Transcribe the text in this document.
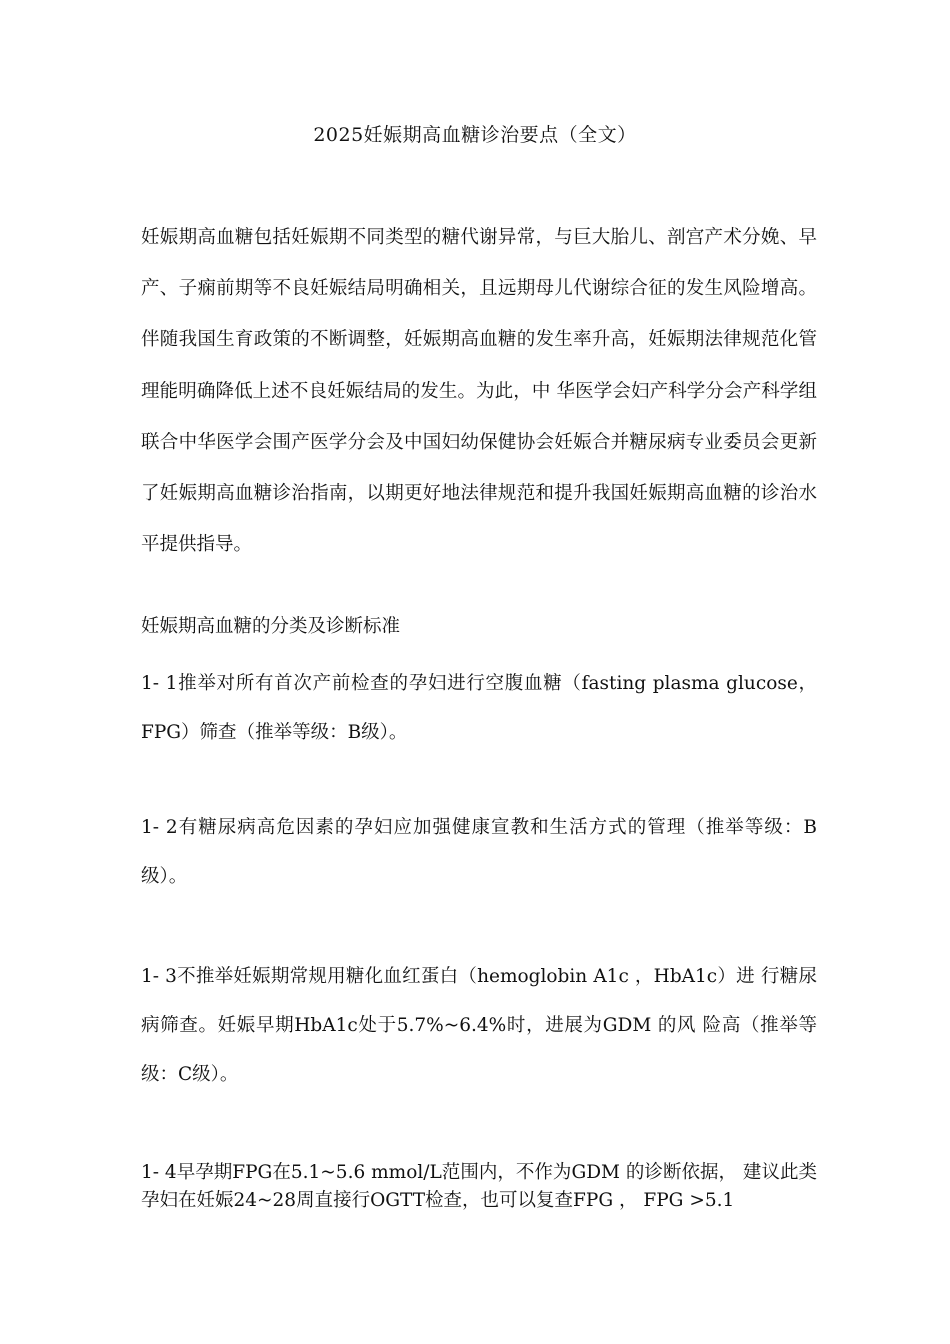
2025妊娠期高血糖诊治要点（全文）

妊娠期高血糖包括妊娠期不同类型的糖代谢异常，与巨大胎儿、剖宫产术分娩、早产、子痫前期等不良妊娠结局明确相关，且远期母儿代谢综合征的发生风险增高。伴随我国生育政策的不断调整，妊娠期高血糖的发生率升高，妊娠期法律规范化管理能明确降低上述不良妊娠结局的发生。为此，中 华医学会妇产科学分会产科学组联合中华医学会围产医学分会及中国妇幼保健协会妊娠合并糖尿病专业委员会更新了妊娠期高血糖诊治指南，以期更好地法律规范和提升我国妊娠期高血糖的诊治水平提供指导。

妊娠期高血糖的分类及诊断标准

1- 1推举对所有首次产前检查的孕妇进行空腹血糖（fasting plasma glucose，FPG）筛查（推举等级：B级）。

1- 2有糖尿病高危因素的孕妇应加强健康宣教和生活方式的管理（推举等级：B级）。

1- 3不推举妊娠期常规用糖化血红蛋白（hemoglobin A1c ，HbA1c）进 行糖尿病筛查。妊娠早期HbA1c处于5.7%~6.4%时，进展为GDM 的风 险高（推举等级：C级）。

1- 4早孕期FPG在5.1~5.6 mmol/L范围内，不作为GDM 的诊断依据， 建议此类孕妇在妊娠24~28周直接行OGTT检查，也可以复查FPG ， FPG >5.1
